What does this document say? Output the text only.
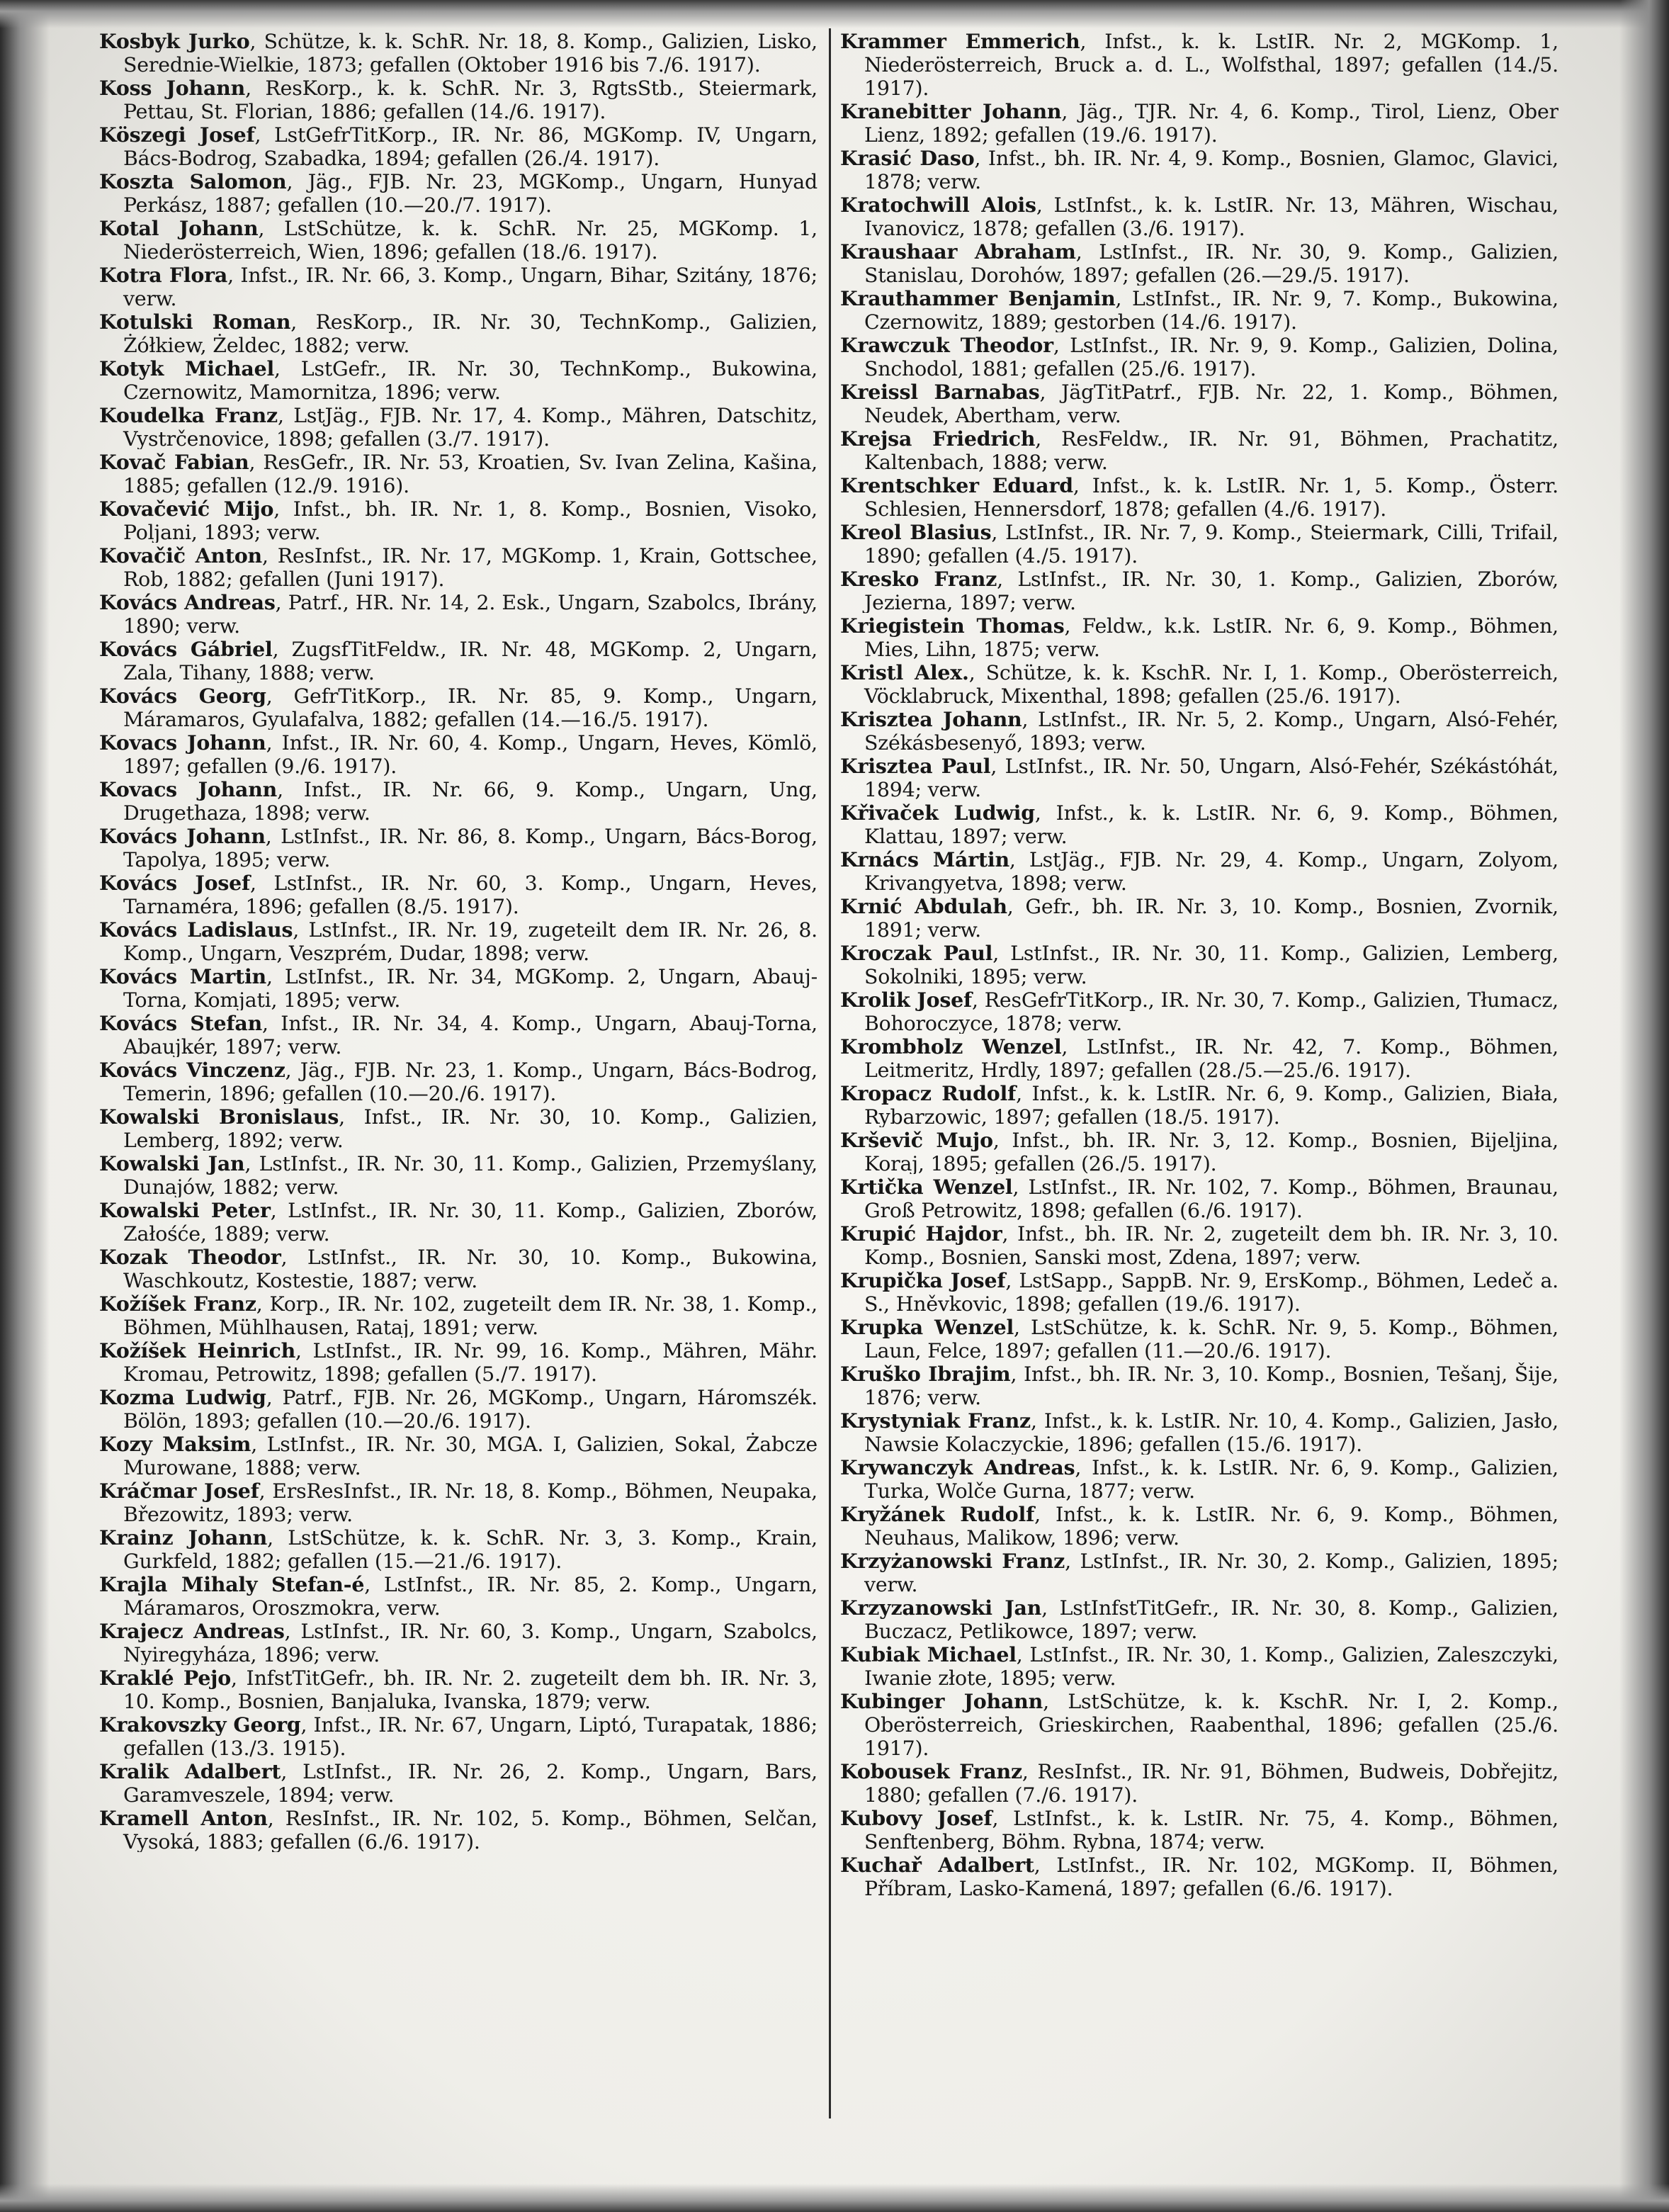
Kosbyk Jurko, Schütze, k. k. SchR. Nr. 18, 8. Komp., Galizien, Lisko, Serednie-Wielkie, 1873; gefallen (Oktober 1916 bis 7./6. 1917).

Koss Johann, ResKorp., k. k. SchR. Nr. 3, RgtsStb., Steiermark, Pettau, St. Florian, 1886; gefallen (14./6. 1917).

Köszegi Josef, LstGefrTitKorp., IR. Nr. 86, MGKomp. IV, Ungarn, Bács-Bodrog, Szabadka, 1894; gefallen (26./4. 1917).

Koszta Salomon, Jäg., FJB. Nr. 23, MGKomp., Ungarn, Hunyad Perkász, 1887; gefallen (10.—20./7. 1917).

Kotal Johann, LstSchütze, k. k. SchR. Nr. 25, MGKomp. 1, Niederösterreich, Wien, 1896; gefallen (18./6. 1917).

Kotra Flora, Infst., IR. Nr. 66, 3. Komp., Ungarn, Bihar, Szitány, 1876; verw.

Kotulski Roman, ResKorp., IR. Nr. 30, TechnKomp., Galizien, Żółkiew, Żeldec, 1882; verw.

Kotyk Michael, LstGefr., IR. Nr. 30, TechnKomp., Bukowina, Czernowitz, Mamornitza, 1896; verw.

Koudelka Franz, LstJäg., FJB. Nr. 17, 4. Komp., Mähren, Datschitz, Vystrčenovice, 1898; gefallen (3./7. 1917).

Kovač Fabian, ResGefr., IR. Nr. 53, Kroatien, Sv. Ivan Zelina, Kašina, 1885; gefallen (12./9. 1916).

Kovačević Mijo, Infst., bh. IR. Nr. 1, 8. Komp., Bosnien, Visoko, Poljani, 1893; verw.

Kovačič Anton, ResInfst., IR. Nr. 17, MGKomp. 1, Krain, Gottschee, Rob, 1882; gefallen (Juni 1917).

Kovács Andreas, Patrf., HR. Nr. 14, 2. Esk., Ungarn, Szabolcs, Ibrány, 1890; verw.

Kovács Gábriel, ZugsfTitFeldw., IR. Nr. 48, MGKomp. 2, Ungarn, Zala, Tihany, 1888; verw.

Kovács Georg, GefrTitKorp., IR. Nr. 85, 9. Komp., Ungarn, Máramaros, Gyulafalva, 1882; gefallen (14.—16./5. 1917).

Kovacs Johann, Infst., IR. Nr. 60, 4. Komp., Ungarn, Heves, Kömlö, 1897; gefallen (9./6. 1917).

Kovacs Johann, Infst., IR. Nr. 66, 9. Komp., Ungarn, Ung, Drugethaza, 1898; verw.

Kovács Johann, LstInfst., IR. Nr. 86, 8. Komp., Ungarn, Bács-Borog, Tapolya, 1895; verw.

Kovács Josef, LstInfst., IR. Nr. 60, 3. Komp., Ungarn, Heves, Tarnaméra, 1896; gefallen (8./5. 1917).

Kovács Ladislaus, LstInfst., IR. Nr. 19, zugeteilt dem IR. Nr. 26, 8. Komp., Ungarn, Veszprém, Dudar, 1898; verw.

Kovács Martin, LstInfst., IR. Nr. 34, MGKomp. 2, Ungarn, Abauj-Torna, Komjati, 1895; verw.

Kovács Stefan, Infst., IR. Nr. 34, 4. Komp., Ungarn, Abauj-Torna, Abaujkér, 1897; verw.

Kovács Vinczenz, Jäg., FJB. Nr. 23, 1. Komp., Ungarn, Bács-Bodrog, Temerin, 1896; gefallen (10.—20./6. 1917).

Kowalski Bronislaus, Infst., IR. Nr. 30, 10. Komp., Galizien, Lemberg, 1892; verw.

Kowalski Jan, LstInfst., IR. Nr. 30, 11. Komp., Galizien, Przemyślany, Dunajów, 1882; verw.

Kowalski Peter, LstInfst., IR. Nr. 30, 11. Komp., Galizien, Zborów, Załośće, 1889; verw.

Kozak Theodor, LstInfst., IR. Nr. 30, 10. Komp., Bukowina, Waschkoutz, Kostestie, 1887; verw.

Kožíšek Franz, Korp., IR. Nr. 102, zugeteilt dem IR. Nr. 38, 1. Komp., Böhmen, Mühlhausen, Rataj, 1891; verw.

Kožíšek Heinrich, LstInfst., IR. Nr. 99, 16. Komp., Mähren, Mähr. Kromau, Petrowitz, 1898; gefallen (5./7. 1917).

Kozma Ludwig, Patrf., FJB. Nr. 26, MGKomp., Ungarn, Háromszék. Bölön, 1893; gefallen (10.—20./6. 1917).

Kozy Maksim, LstInfst., IR. Nr. 30, MGA. I, Galizien, Sokal, Żabcze Murowane, 1888; verw.

Kráčmar Josef, ErsResInfst., IR. Nr. 18, 8. Komp., Böhmen, Neupaka, Březowitz, 1893; verw.

Krainz Johann, LstSchütze, k. k. SchR. Nr. 3, 3. Komp., Krain, Gurkfeld, 1882; gefallen (15.—21./6. 1917).

Krajla Mihaly Stefan-é, LstInfst., IR. Nr. 85, 2. Komp., Ungarn, Máramaros, Oroszmokra, verw.

Krajecz Andreas, LstInfst., IR. Nr. 60, 3. Komp., Ungarn, Szabolcs, Nyiregyháza, 1896; verw.

Kraklé Pejo, InfstTitGefr., bh. IR. Nr. 2. zugeteilt dem bh. IR. Nr. 3, 10. Komp., Bosnien, Banjaluka, Ivanska, 1879; verw.

Krakovszky Georg, Infst., IR. Nr. 67, Ungarn, Liptó, Turapatak, 1886; gefallen (13./3. 1915).

Kralik Adalbert, LstInfst., IR. Nr. 26, 2. Komp., Ungarn, Bars, Garamveszele, 1894; verw.

Kramell Anton, ResInfst., IR. Nr. 102, 5. Komp., Böhmen, Selčan, Vysoká, 1883; gefallen (6./6. 1917).

Krammer Emmerich, Infst., k. k. LstIR. Nr. 2, MGKomp. 1, Niederösterreich, Bruck a. d. L., Wolfsthal, 1897; gefallen (14./5. 1917).

Kranebitter Johann, Jäg., TJR. Nr. 4, 6. Komp., Tirol, Lienz, Ober Lienz, 1892; gefallen (19./6. 1917).

Krasić Daso, Infst., bh. IR. Nr. 4, 9. Komp., Bosnien, Glamoc, Glavici, 1878; verw.

Kratochwill Alois, LstInfst., k. k. LstIR. Nr. 13, Mähren, Wischau, Ivanovicz, 1878; gefallen (3./6. 1917).

Kraushaar Abraham, LstInfst., IR. Nr. 30, 9. Komp., Galizien, Stanislau, Dorohów, 1897; gefallen (26.—29./5. 1917).

Krauthammer Benjamin, LstInfst., IR. Nr. 9, 7. Komp., Bukowina, Czernowitz, 1889; gestorben (14./6. 1917).

Krawczuk Theodor, LstInfst., IR. Nr. 9, 9. Komp., Galizien, Dolina, Snchodol, 1881; gefallen (25./6. 1917).

Kreissl Barnabas, JägTitPatrf., FJB. Nr. 22, 1. Komp., Böhmen, Neudek, Abertham, verw.

Krejsa Friedrich, ResFeldw., IR. Nr. 91, Böhmen, Prachatitz, Kaltenbach, 1888; verw.

Krentschker Eduard, Infst., k. k. LstIR. Nr. 1, 5. Komp., Österr. Schlesien, Hennersdorf, 1878; gefallen (4./6. 1917).

Kreol Blasius, LstInfst., IR. Nr. 7, 9. Komp., Steiermark, Cilli, Trifail, 1890; gefallen (4./5. 1917).

Kresko Franz, LstInfst., IR. Nr. 30, 1. Komp., Galizien, Zborów, Jezierna, 1897; verw.

Kriegistein Thomas, Feldw., k.k. LstIR. Nr. 6, 9. Komp., Böhmen, Mies, Lihn, 1875; verw.

Kristl Alex., Schütze, k. k. KschR. Nr. I, 1. Komp., Oberösterreich, Vöcklabruck, Mixenthal, 1898; gefallen (25./6. 1917).

Krisztea Johann, LstInfst., IR. Nr. 5, 2. Komp., Ungarn, Alsó-Fehér, Székásbesenyő, 1893; verw.

Krisztea Paul, LstInfst., IR. Nr. 50, Ungarn, Alsó-Fehér, Székástóhát, 1894; verw.

Křivaček Ludwig, Infst., k. k. LstIR. Nr. 6, 9. Komp., Böhmen, Klattau, 1897; verw.

Krnács Mártin, LstJäg., FJB. Nr. 29, 4. Komp., Ungarn, Zolyom, Krivangyetva, 1898; verw.

Krnić Abdulah, Gefr., bh. IR. Nr. 3, 10. Komp., Bosnien, Zvornik, 1891; verw.

Kroczak Paul, LstInfst., IR. Nr. 30, 11. Komp., Galizien, Lemberg, Sokolniki, 1895; verw.

Krolik Josef, ResGefrTitKorp., IR. Nr. 30, 7. Komp., Galizien, Tłumacz, Bohoroczyce, 1878; verw.

Krombholz Wenzel, LstInfst., IR. Nr. 42, 7. Komp., Böhmen, Leitmeritz, Hrdly, 1897; gefallen (28./5.—25./6. 1917).

Kropacz Rudolf, Infst., k. k. LstIR. Nr. 6, 9. Komp., Galizien, Biała, Rybarzowic, 1897; gefallen (18./5. 1917).

Krševič Mujo, Infst., bh. IR. Nr. 3, 12. Komp., Bosnien, Bijeljina, Koraj, 1895; gefallen (26./5. 1917).

Krtička Wenzel, LstInfst., IR. Nr. 102, 7. Komp., Böhmen, Braunau, Groß Petrowitz, 1898; gefallen (6./6. 1917).

Krupić Hajdor, Infst., bh. IR. Nr. 2, zugeteilt dem bh. IR. Nr. 3, 10. Komp., Bosnien, Sanski most, Zdena, 1897; verw.

Krupička Josef, LstSapp., SappB. Nr. 9, ErsKomp., Böhmen, Ledeč a. S., Hněvkovic, 1898; gefallen (19./6. 1917).

Krupka Wenzel, LstSchütze, k. k. SchR. Nr. 9, 5. Komp., Böhmen, Laun, Felce, 1897; gefallen (11.—20./6. 1917).

Kruško Ibrajim, Infst., bh. IR. Nr. 3, 10. Komp., Bosnien, Tešanj, Šije, 1876; verw.

Krystyniak Franz, Infst., k. k. LstIR. Nr. 10, 4. Komp., Galizien, Jasło, Nawsie Kolaczyckie, 1896; gefallen (15./6. 1917).

Krywanczyk Andreas, Infst., k. k. LstIR. Nr. 6, 9. Komp., Galizien, Turka, Wolče Gurna, 1877; verw.

Kryžánek Rudolf, Infst., k. k. LstIR. Nr. 6, 9. Komp., Böhmen, Neuhaus, Malikow, 1896; verw.

Krzyżanowski Franz, LstInfst., IR. Nr. 30, 2. Komp., Galizien, 1895; verw.

Krzyzanowski Jan, LstInfstTitGefr., IR. Nr. 30, 8. Komp., Galizien, Buczacz, Petlikowce, 1897; verw.

Kubiak Michael, LstInfst., IR. Nr. 30, 1. Komp., Galizien, Zaleszczyki, Iwanie złote, 1895; verw.

Kubinger Johann, LstSchütze, k. k. KschR. Nr. I, 2. Komp., Oberösterreich, Grieskirchen, Raabenthal, 1896; gefallen (25./6. 1917).

Kobousek Franz, ResInfst., IR. Nr. 91, Böhmen, Budweis, Dobřejitz, 1880; gefallen (7./6. 1917).

Kubovy Josef, LstInfst., k. k. LstIR. Nr. 75, 4. Komp., Böhmen, Senftenberg, Böhm. Rybna, 1874; verw.

Kuchař Adalbert, LstInfst., IR. Nr. 102, MGKomp. II, Böhmen, Příbram, Lasko-Kamená, 1897; gefallen (6./6. 1917).
